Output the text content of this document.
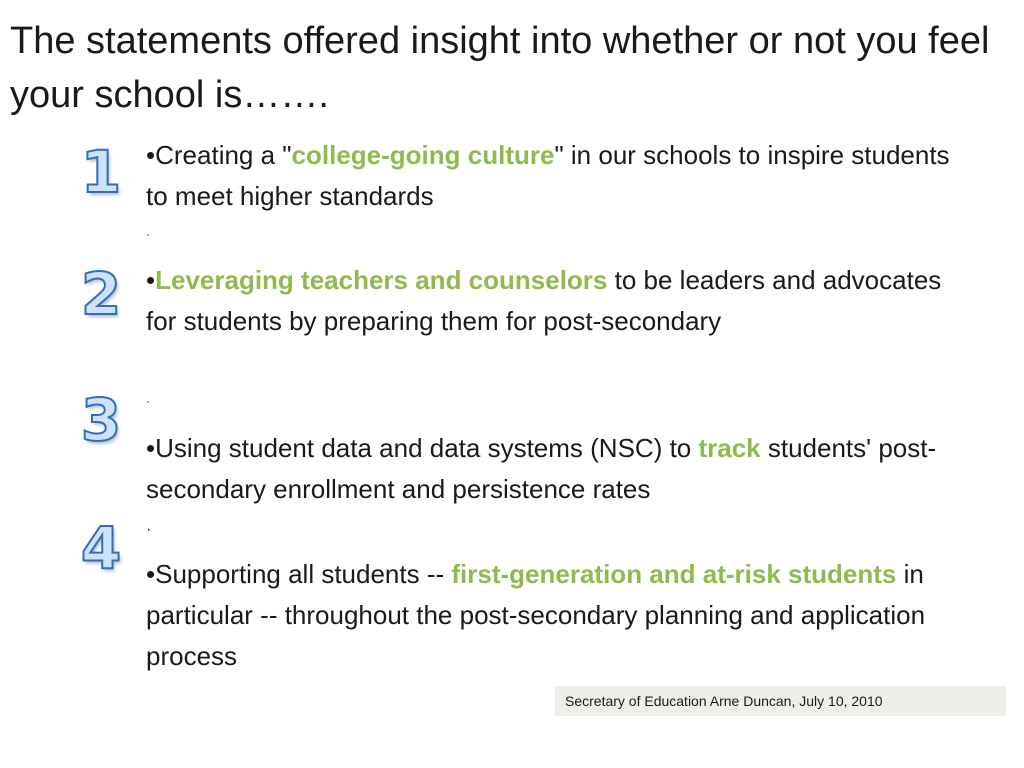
The statements offered insight into whether or not you feel your school is…….
1
2
3
4
•Creating a "college-going culture" in our schools to inspire students to meet higher standards
·
•Leveraging teachers and counselors to be leaders and advocates for students by preparing them for post-secondary
·
•Using student data and data systems (NSC) to track students' post-secondary enrollment and persistence rates
·
•Supporting all students -- first-generation and at-risk students in particular -- throughout the post-secondary planning and application process
Secretary of Education Arne Duncan, July 10, 2010
